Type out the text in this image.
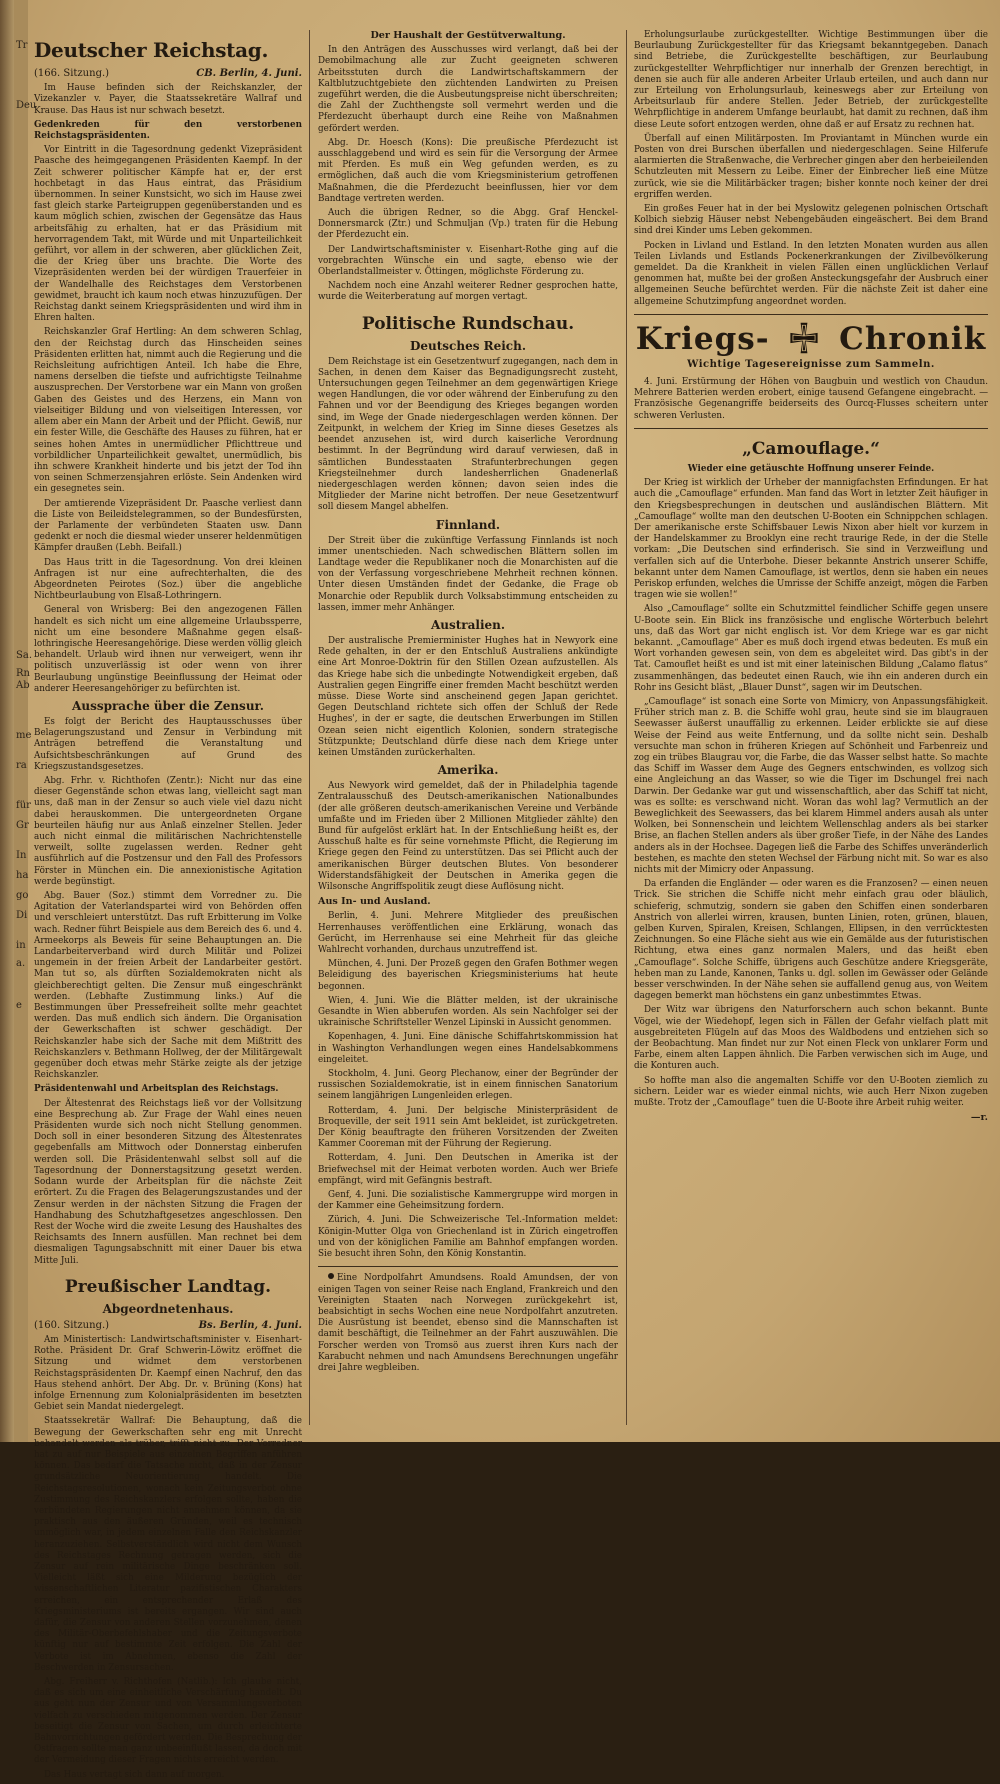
Tr
Deu
Sa.
Rn
Ab
me
ra
für
Gr
In
ha
go
Di
in
a.
e
Deutscher Reichstag.
(166. Sitzung.)	CB. Berlin, 4. Juni.

Im Hause befinden sich der Reichskanzler, der Vizekanzler v. Payer, die Staatssekretäre Wallraf und Krause. Das Haus ist nur schwach besetzt.

Gedenkreden für den verstorbenen Reichstagspräsidenten.

Vor Eintritt in die Tagesordnung gedenkt Vizepräsident Paasche des heimgegangenen Präsidenten Kaempf. In der Zeit schwerer politischer Kämpfe hat er, der erst hochbetagt in das Haus eintrat, das Präsidium übernommen. In seiner Kunstsicht, wo sich im Hause zwei fast gleich starke Parteigruppen gegenüberstanden und es kaum möglich schien, zwischen der Gegensätze das Haus arbeitsfähig zu erhalten, hat er das Präsidium mit hervorragendem Takt, mit Würde und mit Unparteilichkeit geführt, vor allem in der schweren, aber glücklichen Zeit, die der Krieg über uns brachte. Die Worte des Vizepräsidenten werden bei der würdigen Trauerfeier in der Wandelhalle des Reichstages dem Verstorbenen gewidmet, braucht ich kaum noch etwas hinzuzufügen. Der Reichstag dankt seinem Kriegspräsidenten und wird ihm in Ehren halten.

Reichskanzler Graf Hertling: An dem schweren Schlag, den der Reichstag durch das Hinscheiden seines Präsidenten erlitten hat, nimmt auch die Regierung und die Reichsleitung aufrichtigen Anteil. Ich habe die Ehre, namens derselben die tiefste und aufrichtigste Teilnahme auszusprechen. Der Verstorbene war ein Mann von großen Gaben des Geistes und des Herzens, ein Mann von vielseitiger Bildung und von vielseitigen Interessen, vor allem aber ein Mann der Arbeit und der Pflicht. Gewiß, nur ein fester Wille, die Geschäfte des Hauses zu führen, hat er seines hohen Amtes in unermüdlicher Pflichttreue und vorbildlicher Unparteilichkeit gewaltet, unermüdlich, bis ihn schwere Krankheit hinderte und bis jetzt der Tod ihn von seinen Schmerzensjahren erlöste. Sein Andenken wird ein gesegnetes sein.

Der amtierende Vizepräsident Dr. Paasche verliest dann die Liste von Beileidstelegrammen, so der Bundesfürsten, der Parlamente der verbündeten Staaten usw. Dann gedenkt er noch die diesmal wieder unserer heldenmütigen Kämpfer draußen (Lebh. Beifall.)

Das Haus tritt in die Tagesordnung. Von drei kleinen Anfragen ist nur eine aufrechterhalten, die des Abgeordneten Peirotes (Soz.) über die angebliche Nichtbeurlaubung von Elsaß-Lothringern.

General von Wrisberg: Bei den angezogenen Fällen handelt es sich nicht um eine allgemeine Urlaubssperre, nicht um eine besondere Maßnahme gegen elsaß-lothringische Heeresangehörige. Diese werden völlig gleich behandelt. Urlaub wird ihnen nur verweigert, wenn ihr politisch unzuverlässig ist oder wenn von ihrer Beurlaubung ungünstige Beeinflussung der Heimat oder anderer Heeresangehöriger zu befürchten ist.

Aussprache über die Zensur.

Es folgt der Bericht des Hauptausschusses über Belagerungszustand und Zensur in Verbindung mit Anträgen betreffend die Veranstaltung und Aufsichtsbeschränkungen auf Grund des Kriegszustandsgesetzes.

Abg. Frhr. v. Richthofen (Zentr.): Nicht nur das eine dieser Gegenstände schon etwas lang, vielleicht sagt man uns, daß man in der Zensur so auch viele viel dazu nicht dabei herauskommen. Die untergeordneten Organe beurteilen häufig nur aus Anlaß einzelner Stellen. Jeder auch nicht einmal die militärischen Nachrichtenstelle verweilt, sollte zugelassen werden. Redner geht ausführlich auf die Postzensur und den Fall des Professors Förster in München ein. Die annexionistische Agitation werde begünstigt.

Abg. Bauer (Soz.) stimmt dem Vorredner zu. Die Agitation der Vaterlandspartei wird von Behörden offen und verschleiert unterstützt. Das ruft Erbitterung im Volke wach. Redner führt Beispiele aus dem Bereich des 6. und 4. Armeekorps als Beweis für seine Behauptungen an. Die Landarbeiterverband wird durch Militär und Polizei ungemein in der freien Arbeit der Landarbeiter gestört. Man tut so, als dürften Sozialdemokraten nicht als gleichberechtigt gelten. Die Zensur muß eingeschränkt werden. (Lebhafte Zustimmung links.) Auf die Bestimmungen über Pressefreiheit sollte mehr geachtet werden. Das muß endlich sich ändern. Die Organisation der Gewerkschaften ist schwer geschädigt. Der Reichskanzler habe sich der Sache mit dem Mißtritt des Reichskanzlers v. Bethmann Hollweg, der der Militärgewalt gegenüber doch etwas mehr Stärke zeigte als der jetzige Reichskanzler.

Präsidentenwahl und Arbeitsplan des Reichstags.

Der Ältestenrat des Reichstags ließ vor der Vollsitzung eine Besprechung ab. Zur Frage der Wahl eines neuen Präsidenten wurde sich noch nicht Stellung genommen. Doch soll in einer besonderen Sitzung des Ältestenrates gegebenfalls am Mittwoch oder Donnerstag einberufen werden soll. Die Präsidentenwahl selbst soll auf die Tagesordnung der Donnerstagsitzung gesetzt werden. Sodann wurde der Arbeitsplan für die nächste Zeit erörtert. Zu die Fragen des Belagerungszustandes und der Zensur werden in der nächsten Sitzung die Fragen der Handhabung des Schutzhaftgesetzes angeschlossen. Den Rest der Woche wird die zweite Lesung des Haushaltes des Reichsamts des Innern ausfüllen. Man rechnet bei dem diesmaligen Tagungsabschnitt mit einer Dauer bis etwa Mitte Juli.

Preußischer Landtag.
Abgeordnetenhaus.
(160. Sitzung.)	Bs. Berlin, 4. Juni.

Am Ministertisch: Landwirtschaftsminister v. Eisenhart-Rothe. Präsident Dr. Graf Schwerin-Löwitz eröffnet die Sitzung und widmet dem verstorbenen Reichstagspräsidenten Dr. Kaempf einen Nachruf, den das Haus stehend anhört. Der Abg. Dr. v. Brüning (Kons) hat infolge Ernennung zum Kolonialpräsidenten im besetzten Gebiet sein Mandat niedergelegt.

Staatssekretär Wallraf: Die Behauptung, daß die Bewegung der Gewerkschaften sehr eng mit Unrecht behandelt werden als trüber, trifft nicht zu. Der Vorredner hat zu auf nur Beispiele aus einzelnen Begriffen anführen können. Das bedarf die Tatsache nicht, daß in der Zensur grundsätzliche Neuorientierung handelt. Die Reichstagsresolutionen, wonach kein Zeitungsverbot ohne Zustimmung des Reichskanzlers erfolgen sollte, haben die verbündeten Regierungen nicht annehmen können, da sie praktisch aus den äußeren Gründen, weil es technisch unmöglich war, in jedem einzelnen Falle den Reichskanzler heranzuziehen. Selbstverständlich wird nicht dem Wunsch des Reichstages Rechnung getragen werden, sich die Zensur auf rein militärische Dinge beschränken soll. Vielleicht läßt sich eine Milderung bezüglich der wissenschaftlichen Literatur pazifistischen Charakters erreichen, ein entsprechender Erlaß des Kriegsministeriums ist bereits ergangen. Wir sind auch dafür, die Zensur von anderen Stellen vorzunehmen, denen des Militär-Oberbefehlshaber und die Zeitungsverbote künftig nur auf bestimmte Zeit erfolgen. Die Zahl der Verbote ist im Abnehmen, ebenso die Zahl der Beschwerden in Zensursachen.

Abg. Freiherr v. Richthofen (Natlib.): Ich glaube nicht, daß es sich um eine einheitliche Verschärfung handelt. Du aus geht nun der Zensur und von Versammlungsverboten vielfach zu verschieden mitgenommen werden. Der Zensur beseitigt die Zensur von Sachen, um durch erleichterte Bahnvorrichtungen gefördert werden. Die Besprechung der Ostfragen sollte man ganz unbeeinflußt lassen, da doch mit der Vermeidung dieser Fragen nichts erreicht werden.

Das Haus vertagt sich dann auf morgen.

Der Haushalt der Gestütverwaltung.

In den Anträgen des Ausschusses wird verlangt, daß bei der Demobilmachung alle zur Zucht geeigneten schweren Arbeitsstuten durch die Landwirtschaftskammern der Kaltblutzuchtgebiete den züchtenden Landwirten zu Preisen zugeführt werden, die die Ausbeutungspreise nicht überschreiten; die Zahl der Zuchthengste soll vermehrt werden und die Pferdezucht überhaupt durch eine Reihe von Maßnahmen gefördert werden.

Abg. Dr. Hoesch (Kons): Die preußische Pferdezucht ist ausschlaggebend und wird es sein für die Versorgung der Armee mit Pferden. Es muß ein Weg gefunden werden, es zu ermöglichen, daß auch die vom Kriegsministerium getroffenen Maßnahmen, die die Pferdezucht beeinflussen, hier vor dem Bandtage vertreten werden.

Auch die übrigen Redner, so die Abgg. Graf Henckel-Donnersmarck (Ztr.) und Schmuljan (Vp.) traten für die Hebung der Pferdezucht ein.

Der Landwirtschaftsminister v. Eisenhart-Rothe ging auf die vorgebrachten Wünsche ein und sagte, ebenso wie der Oberlandstallmeister v. Öttingen, möglichste Förderung zu.

Nachdem noch eine Anzahl weiterer Redner gesprochen hatte, wurde die Weiterberatung auf morgen vertagt.

Politische Rundschau.
Deutsches Reich.

Dem Reichstage ist ein Gesetzentwurf zugegangen, nach dem in Sachen, in denen dem Kaiser das Begnadigungsrecht zusteht, Untersuchungen gegen Teilnehmer an dem gegenwärtigen Kriege wegen Handlungen, die vor oder während der Einberufung zu den Fahnen und vor der Beendigung des Krieges begangen worden sind, im Wege der Gnade niedergeschlagen werden können. Der Zeitpunkt, in welchem der Krieg im Sinne dieses Gesetzes als beendet anzusehen ist, wird durch kaiserliche Verordnung bestimmt. In der Begründung wird darauf verwiesen, daß in sämtlichen Bundesstaaten Strafunterbrechungen gegen Kriegsteilnehmer durch landesherrlichen Gnadenerlaß niedergeschlagen werden können; davon seien indes die Mitglieder der Marine nicht betroffen. Der neue Gesetzentwurf soll diesem Mangel abhelfen.

Finnland.

Der Streit über die zukünftige Verfassung Finnlands ist noch immer unentschieden. Nach schwedischen Blättern sollen im Landtage weder die Republikaner noch die Monarchisten auf die von der Verfassung vorgeschriebene Mehrheit rechnen können. Unter diesen Umständen findet der Gedanke, die Frage ob Monarchie oder Republik durch Volksabstimmung entscheiden zu lassen, immer mehr Anhänger.

Australien.

Der australische Premierminister Hughes hat in Newyork eine Rede gehalten, in der er den Entschluß Australiens ankündigte eine Art Monroe-Doktrin für den Stillen Ozean aufzustellen. Als das Kriege habe sich die unbedingte Notwendigkeit ergeben, daß Australien gegen Eingriffe einer fremden Macht beschützt werden müsse. Diese Worte sind anscheinend gegen Japan gerichtet. Gegen Deutschland richtete sich offen der Schluß der Rede Hughes', in der er sagte, die deutschen Erwerbungen im Stillen Ozean seien nicht eigentlich Kolonien, sondern strategische Stützpunkte; Deutschland dürfe diese nach dem Kriege unter keinen Umständen zurückerhalten.

Amerika.

Aus Newyork wird gemeldet, daß der in Philadelphia tagende Zentralausschuß des Deutsch-amerikanischen Nationalbundes (der alle größeren deutsch-amerikanischen Vereine und Verbände umfaßte und im Frieden über 2 Millionen Mitglieder zählte) den Bund für aufgelöst erklärt hat. In der Entschließung heißt es, der Ausschuß halte es für seine vornehmste Pflicht, die Regierung im Kriege gegen den Feind zu unterstützen. Das sei Pflicht auch der amerikanischen Bürger deutschen Blutes. Von besonderer Widerstandsfähigkeit der Deutschen in Amerika gegen die Wilsonsche Angriffspolitik zeugt diese Auflösung nicht.

Aus In- und Ausland.

Berlin, 4. Juni. Mehrere Mitglieder des preußischen Herrenhauses veröffentlichen eine Erklärung, wonach das Gerücht, im Herrenhause sei eine Mehrheit für das gleiche Wahlrecht vorhanden, durchaus unzutreffend ist.

München, 4. Juni. Der Prozeß gegen den Grafen Bothmer wegen Beleidigung des bayerischen Kriegsministeriums hat heute begonnen.

Wien, 4. Juni. Wie die Blätter melden, ist der ukrainische Gesandte in Wien abberufen worden. Als sein Nachfolger sei der ukrainische Schriftsteller Wenzel Lipinski in Aussicht genommen.

Kopenhagen, 4. Juni. Eine dänische Schiffahrtskommission hat in Washington Verhandlungen wegen eines Handelsabkommens eingeleitet.

Stockholm, 4. Juni. Georg Plechanow, einer der Begründer der russischen Sozialdemokratie, ist in einem finnischen Sanatorium seinem langjährigen Lungenleiden erlegen.

Rotterdam, 4. Juni. Der belgische Ministerpräsident de Broqueville, der seit 1911 sein Amt bekleidet, ist zurückgetreten. Der König beauftragte den früheren Vorsitzenden der Zweiten Kammer Cooreman mit der Führung der Regierung.

Rotterdam, 4. Juni. Den Deutschen in Amerika ist der Briefwechsel mit der Heimat verboten worden. Auch wer Briefe empfängt, wird mit Gefängnis bestraft.

Genf, 4. Juni. Die sozialistische Kammergruppe wird morgen in der Kammer eine Geheimsitzung fordern.

Zürich, 4. Juni. Die Schweizerische Tel.-Information meldet: Königin-Mutter Olga von Griechenland ist in Zürich eingetroffen und von der königlichen Familie am Bahnhof empfangen worden. Sie besucht ihren Sohn, den König Konstantin.

Eine Nordpolfahrt Amundsens. Roald Amundsen, der von einigen Tagen von seiner Reise nach England, Frankreich und den Vereinigten Staaten nach Norwegen zurückgekehrt ist, beabsichtigt in sechs Wochen eine neue Nordpolfahrt anzutreten. Die Ausrüstung ist beendet, ebenso sind die Mannschaften ist damit beschäftigt, die Teilnehmer an der Fahrt auszuwählen. Die Forscher werden von Tromsö aus zuerst ihren Kurs nach der Karabucht nehmen und nach Amundsens Berechnungen ungefähr drei Jahre wegbleiben.

Erholungsurlaube zurückgestellter. Wichtige Bestimmungen über die Beurlaubung Zurückgestellter für das Kriegsamt bekanntgegeben. Danach sind Betriebe, die Zurückgestellte beschäftigen, zur Beurlaubung zurückgestellter Wehrpflichtiger nur innerhalb der Grenzen berechtigt, in denen sie auch für alle anderen Arbeiter Urlaub erteilen, und auch dann nur zur Erteilung von Erholungsurlaub, keineswegs aber zur Erteilung von Arbeitsurlaub für andere Stellen. Jeder Betrieb, der zurückgestellte Wehrpflichtige in anderem Umfange beurlaubt, hat damit zu rechnen, daß ihm diese Leute sofort entzogen werden, ohne daß er auf Ersatz zu rechnen hat.

Überfall auf einen Militärposten. Im Proviantamt in München wurde ein Posten von drei Burschen überfallen und niedergeschlagen. Seine Hilferufe alarmierten die Straßenwache, die Verbrecher gingen aber den herbeieilenden Schutzleuten mit Messern zu Leibe. Einer der Einbrecher ließ eine Mütze zurück, wie sie die Militärbäcker tragen; bisher konnte noch keiner der drei ergriffen werden.

Ein großes Feuer hat in der bei Myslowitz gelegenen polnischen Ortschaft Kolbich siebzig Häuser nebst Nebengebäuden eingeäschert. Bei dem Brand sind drei Kinder ums Leben gekommen.

Pocken in Livland und Estland. In den letzten Monaten wurden aus allen Teilen Livlands und Estlands Pockenerkrankungen der Zivilbevölkerung gemeldet. Da die Krankheit in vielen Fällen einen unglücklichen Verlauf genommen hat, mußte bei der großen Ansteckungsgefahr der Ausbruch einer allgemeinen Seuche befürchtet werden. Für die nächste Zeit ist daher eine allgemeine Schutzimpfung angeordnet worden.

Kriegs- Chronik
Wichtige Tagesereignisse zum Sammeln.

4. Juni. Erstürmung der Höhen von Baugbuin und westlich von Chaudun. Mehrere Batterien werden erobert, einige tausend Gefangene eingebracht. — Französische Gegenangriffe beiderseits des Ourcq-Flusses scheitern unter schweren Verlusten.

„Camouflage.“

Wieder eine getäuschte Hoffnung unserer Feinde.

Der Krieg ist wirklich der Urheber der mannigfachsten Erfindungen. Er hat auch die „Camouflage“ erfunden. Man fand das Wort in letzter Zeit häufiger in den Kriegsbesprechungen in deutschen und ausländischen Blättern. Mit „Camouflage“ wollte man den deutschen U-Booten ein Schnippchen schlagen. Der amerikanische erste Schiffsbauer Lewis Nixon aber hielt vor kurzem in der Handelskammer zu Brooklyn eine recht traurige Rede, in der die Stelle vorkam: „Die Deutschen sind erfinderisch. Sie sind in Verzweiflung und verfallen sich auf die Unterbohe. Dieser bekannte Anstrich unserer Schiffe, bekannt unter dem Namen Camouflage, ist wertlos, denn sie haben ein neues Periskop erfunden, welches die Umrisse der Schiffe anzeigt, mögen die Farben tragen wie sie wollen!“

Also „Camouflage“ sollte ein Schutzmittel feindlicher Schiffe gegen unsere U-Boote sein. Ein Blick ins französische und englische Wörterbuch belehrt uns, daß das Wort gar nicht englisch ist. Vor dem Kriege war es gar nicht bekannt. „Camouflage“ Aber es muß doch irgend etwas bedeuten. Es muß ein Wort vorhanden gewesen sein, von dem es abgeleitet wird. Das gibt's in der Tat. Camouflet heißt es und ist mit einer lateinischen Bildung „Calamo flatus“ zusammenhängen, das bedeutet einen Rauch, wie ihn ein anderen durch ein Rohr ins Gesicht bläst, „Blauer Dunst“, sagen wir im Deutschen.

„Camouflage“ ist sonach eine Sorte von Mimicry, von Anpassungsfähigkeit. Früher strich man z. B. die Schiffe wohl grau, heute sind sie im blaugrauen Seewasser äußerst unauffällig zu erkennen. Leider erblickte sie auf diese Weise der Feind aus weite Entfernung, und da sollte nicht sein. Deshalb versuchte man schon in früheren Kriegen auf Schönheit und Farbenreiz und zog ein trübes Blaugrau vor, die Farbe, die das Wasser selbst hatte. So machte das Schiff im Wasser dem Auge des Gegners entschwinden, es vollzog sich eine Angleichung an das Wasser, so wie die Tiger im Dschungel frei nach Darwin. Der Gedanke war gut und wissenschaftlich, aber das Schiff tat nicht, was es sollte: es verschwand nicht. Woran das wohl lag? Vermutlich an der Beweglichkeit des Seewassers, das bei klarem Himmel anders ausah als unter Wolken, bei Sonnenschein und leichtem Wellenschlag anders als bei starker Brise, an flachen Stellen anders als über großer Tiefe, in der Nähe des Landes anders als in der Hochsee. Dagegen ließ die Farbe des Schiffes unveränderlich bestehen, es machte den steten Wechsel der Färbung nicht mit. So war es also nichts mit der Mimicry oder Anpassung.

Da erfanden die Engländer — oder waren es die Franzosen? — einen neuen Trick. Sie strichen die Schiffe nicht mehr einfach grau oder bläulich, schieferig, schmutzig, sondern sie gaben den Schiffen einen sonderbaren Anstrich von allerlei wirren, krausen, bunten Linien, roten, grünen, blauen, gelben Kurven, Spiralen, Kreisen, Schlangen, Ellipsen, in den verrücktesten Zeichnungen. So eine Fläche sieht aus wie ein Gemälde aus der futuristischen Richtung, etwa eines ganz normalen Malers, und das heißt eben „Camouflage“. Solche Schiffe, übrigens auch Geschütze andere Kriegsgeräte, heben man zu Lande, Kanonen, Tanks u. dgl. sollen im Gewässer oder Gelände besser verschwinden. In der Nähe sehen sie auffallend genug aus, von Weitem dagegen bemerkt man höchstens ein ganz unbestimmtes Etwas.

Der Witz war übrigens den Naturforschern auch schon bekannt. Bunte Vögel, wie der Wiedehopf, legen sich in Fällen der Gefahr vielfach platt mit ausgebreiteten Flügeln auf das Moos des Waldbodens und entziehen sich so der Beobachtung. Man findet nur zur Not einen Fleck von unklarer Form und Farbe, einem alten Lappen ähnlich. Die Farben verwischen sich im Auge, und die Konturen auch.

So hoffte man also die angemalten Schiffe vor den U-Booten ziemlich zu sichern. Leider war es wieder einmal nichts, wie auch Herr Nixon zugeben mußte. Trotz der „Camouflage“ tuen die U-Boote ihre Arbeit ruhig weiter.

—r.
